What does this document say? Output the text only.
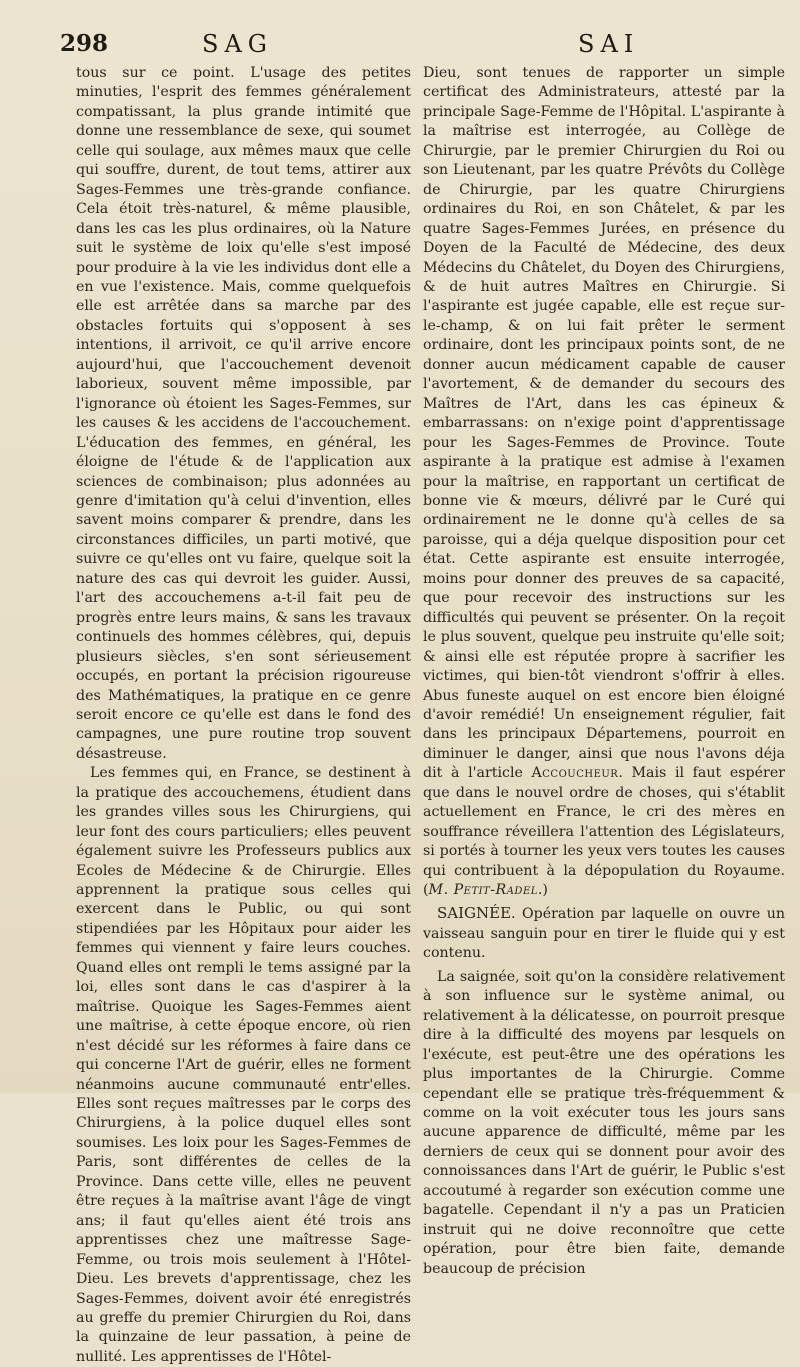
298	SAG	SAI

tous sur ce point. L'usage des petites minuties, l'esprit des femmes généralement compatissant, la plus grande intimité que donne une ressemblance de sexe, qui soumet celle qui soulage, aux mêmes maux que celle qui souffre, durent, de tout tems, attirer aux Sages-Femmes une très-grande confiance. Cela étoit très-naturel, & même plausible, dans les cas les plus ordinaires, où la Nature suit le système de loix qu'elle s'est imposé pour produire à la vie les individus dont elle a en vue l'existence. Mais, comme quelquefois elle est arrêtée dans sa marche par des obstacles fortuits qui s'opposent à ses intentions, il arrivoit, ce qu'il arrive encore aujourd'hui, que l'accouchement devenoit laborieux, souvent même impossible, par l'ignorance où étoient les Sages-Femmes, sur les causes & les accidens de l'accouchement. L'éducation des femmes, en général, les éloigne de l'étude & de l'application aux sciences de combinaison; plus adonnées au genre d'imitation qu'à celui d'invention, elles savent moins comparer & prendre, dans les circonstances difficiles, un parti motivé, que suivre ce qu'elles ont vu faire, quelque soit la nature des cas qui devroit les guider. Aussi, l'art des accouchemens a-t-il fait peu de progrès entre leurs mains, & sans les travaux continuels des hommes célèbres, qui, depuis plusieurs siècles, s'en sont sérieusement occupés, en portant la précision rigoureuse des Mathématiques, la pratique en ce genre seroit encore ce qu'elle est dans le fond des campagnes, une pure routine trop souvent désastreuse.

Les femmes qui, en France, se destinent à la pratique des accouchemens, étudient dans les grandes villes sous les Chirurgiens, qui leur font des cours particuliers; elles peuvent également suivre les Professeurs publics aux Ecoles de Médecine & de Chirurgie. Elles apprennent la pratique sous celles qui exercent dans le Public, ou qui sont stipendiées par les Hôpitaux pour aider les femmes qui viennent y faire leurs couches. Quand elles ont rempli le tems assigné par la loi, elles sont dans le cas d'aspirer à la maîtrise. Quoique les Sages-Femmes aient une maîtrise, à cette époque encore, où rien n'est décidé sur les réformes à faire dans ce qui concerne l'Art de guérir, elles ne forment néanmoins aucune communauté entr'elles. Elles sont reçues maîtresses par le corps des Chirurgiens, à la police duquel elles sont soumises. Les loix pour les Sages-Femmes de Paris, sont différentes de celles de la Province. Dans cette ville, elles ne peuvent être reçues à la maîtrise avant l'âge de vingt ans; il faut qu'elles aient été trois ans apprentisses chez une maîtresse Sage-Femme, ou trois mois seulement à l'Hôtel-Dieu. Les brevets d'apprentissage, chez les Sages-Femmes, doivent avoir été enregistrés au greffe du premier Chirurgien du Roi, dans la quinzaine de leur passation, à peine de nullité. Les apprentisses de l'Hôtel-

Dieu, sont tenues de rapporter un simple certificat des Administrateurs, attesté par la principale Sage-Femme de l'Hôpital. L'aspirante à la maîtrise est interrogée, au Collège de Chirurgie, par le premier Chirurgien du Roi ou son Lieutenant, par les quatre Prévôts du Collège de Chirurgie, par les quatre Chirurgiens ordinaires du Roi, en son Châtelet, & par les quatre Sages-Femmes Jurées, en présence du Doyen de la Faculté de Médecine, des deux Médecins du Châtelet, du Doyen des Chirurgiens, & de huit autres Maîtres en Chirurgie. Si l'aspirante est jugée capable, elle est reçue sur-le-champ, & on lui fait prêter le serment ordinaire, dont les principaux points sont, de ne donner aucun médicament capable de causer l'avortement, & de demander du secours des Maîtres de l'Art, dans les cas épineux & embarrassans: on n'exige point d'apprentissage pour les Sages-Femmes de Province. Toute aspirante à la pratique est admise à l'examen pour la maîtrise, en rapportant un certificat de bonne vie & mœurs, délivré par le Curé qui ordinairement ne le donne qu'à celles de sa paroisse, qui a déja quelque disposition pour cet état. Cette aspirante est ensuite interrogée, moins pour donner des preuves de sa capacité, que pour recevoir des instructions sur les difficultés qui peuvent se présenter. On la reçoit le plus souvent, quelque peu instruite qu'elle soit; & ainsi elle est réputée propre à sacrifier les victimes, qui bien-tôt viendront s'offrir à elles. Abus funeste auquel on est encore bien éloigné d'avoir remédié! Un enseignement régulier, fait dans les principaux Départemens, pourroit en diminuer le danger, ainsi que nous l'avons déja dit à l'article Accoucheur. Mais il faut espérer que dans le nouvel ordre de choses, qui s'établit actuellement en France, le cri des mères en souffrance réveillera l'attention des Législateurs, si portés à tourner les yeux vers toutes les causes qui contribuent à la dépopulation du Royaume. (M. Petit-Radel.)

SAIGNÉE. Opération par laquelle on ouvre un vaisseau sanguin pour en tirer le fluide qui y est contenu.

La saignée, soit qu'on la considère relativement à son influence sur le système animal, ou relativement à la délicatesse, on pourroit presque dire à la difficulté des moyens par lesquels on l'exécute, est peut-être une des opérations les plus importantes de la Chirurgie. Comme cependant elle se pratique très-fréquemment & comme on la voit exécuter tous les jours sans aucune apparence de difficulté, même par les derniers de ceux qui se donnent pour avoir des connoissances dans l'Art de guérir, le Public s'est accoutumé à regarder son exécution comme une bagatelle. Cependant il n'y a pas un Praticien instruit qui ne doive reconnoître que cette opération, pour être bien faite, demande beaucoup de précision
